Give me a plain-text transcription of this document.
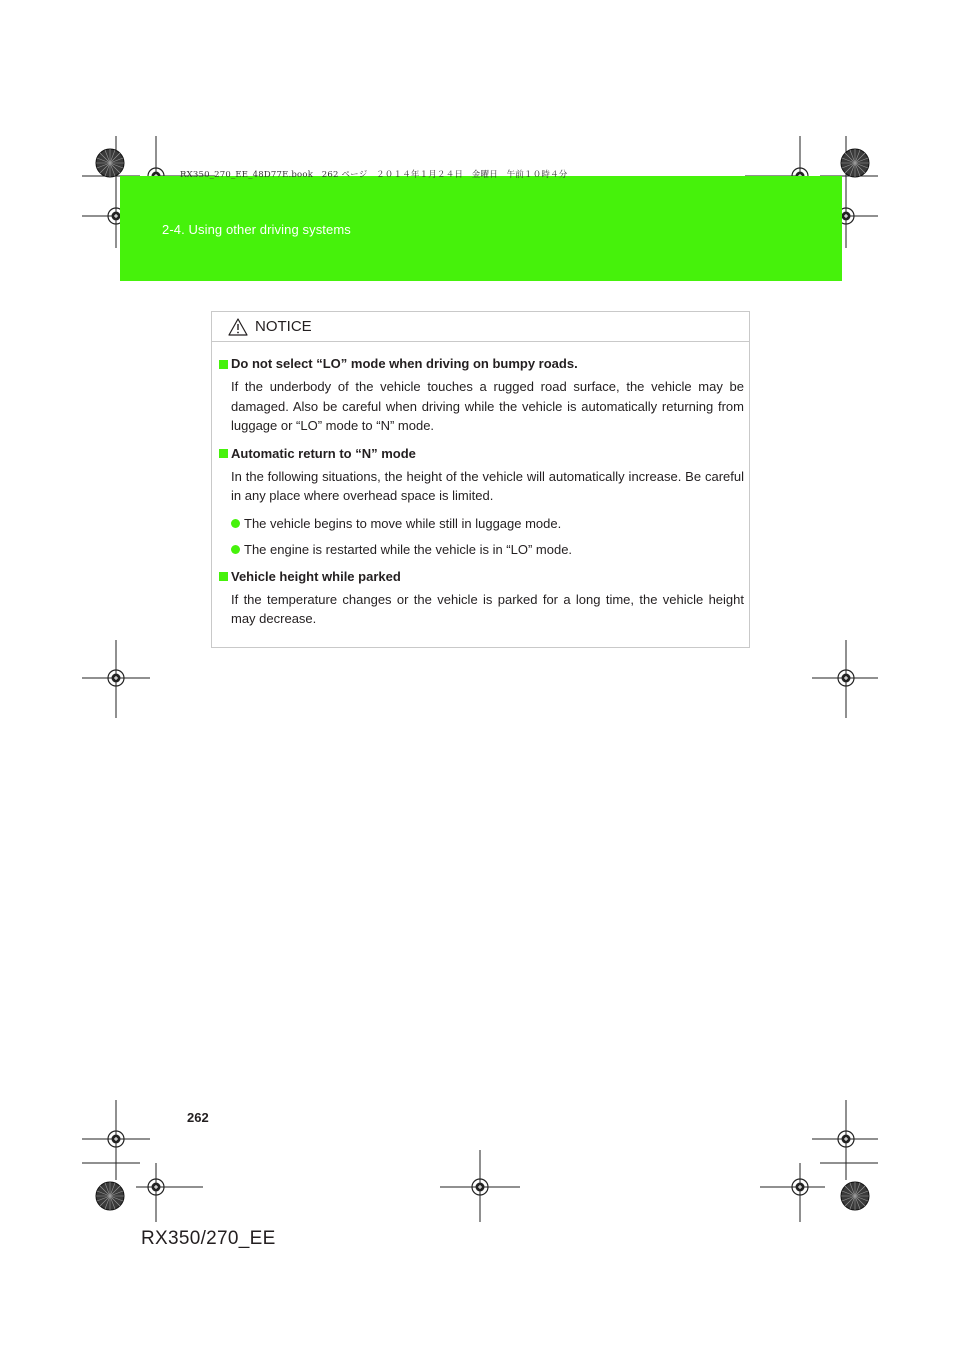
RX350_270_EE_48D77E.book　262 ページ　２０１４年１月２４日　金曜日　午前１０時４分
2-4. Using other driving systems
NOTICE
Do not select “LO” mode when driving on bumpy roads.

If the underbody of the vehicle touches a rugged road surface, the vehicle may be damaged. Also be careful when driving while the vehicle is automatically returning from luggage or “LO” mode to “N” mode.

Automatic return to “N” mode

In the following situations, the height of the vehicle will automatically increase. Be careful in any place where overhead space is limited.

The vehicle begins to move while still in luggage mode.
The engine is restarted while the vehicle is in “LO” mode.
Vehicle height while parked

If the temperature changes or the vehicle is parked for a long time, the vehicle height may decrease.

262
RX350/270_EE
